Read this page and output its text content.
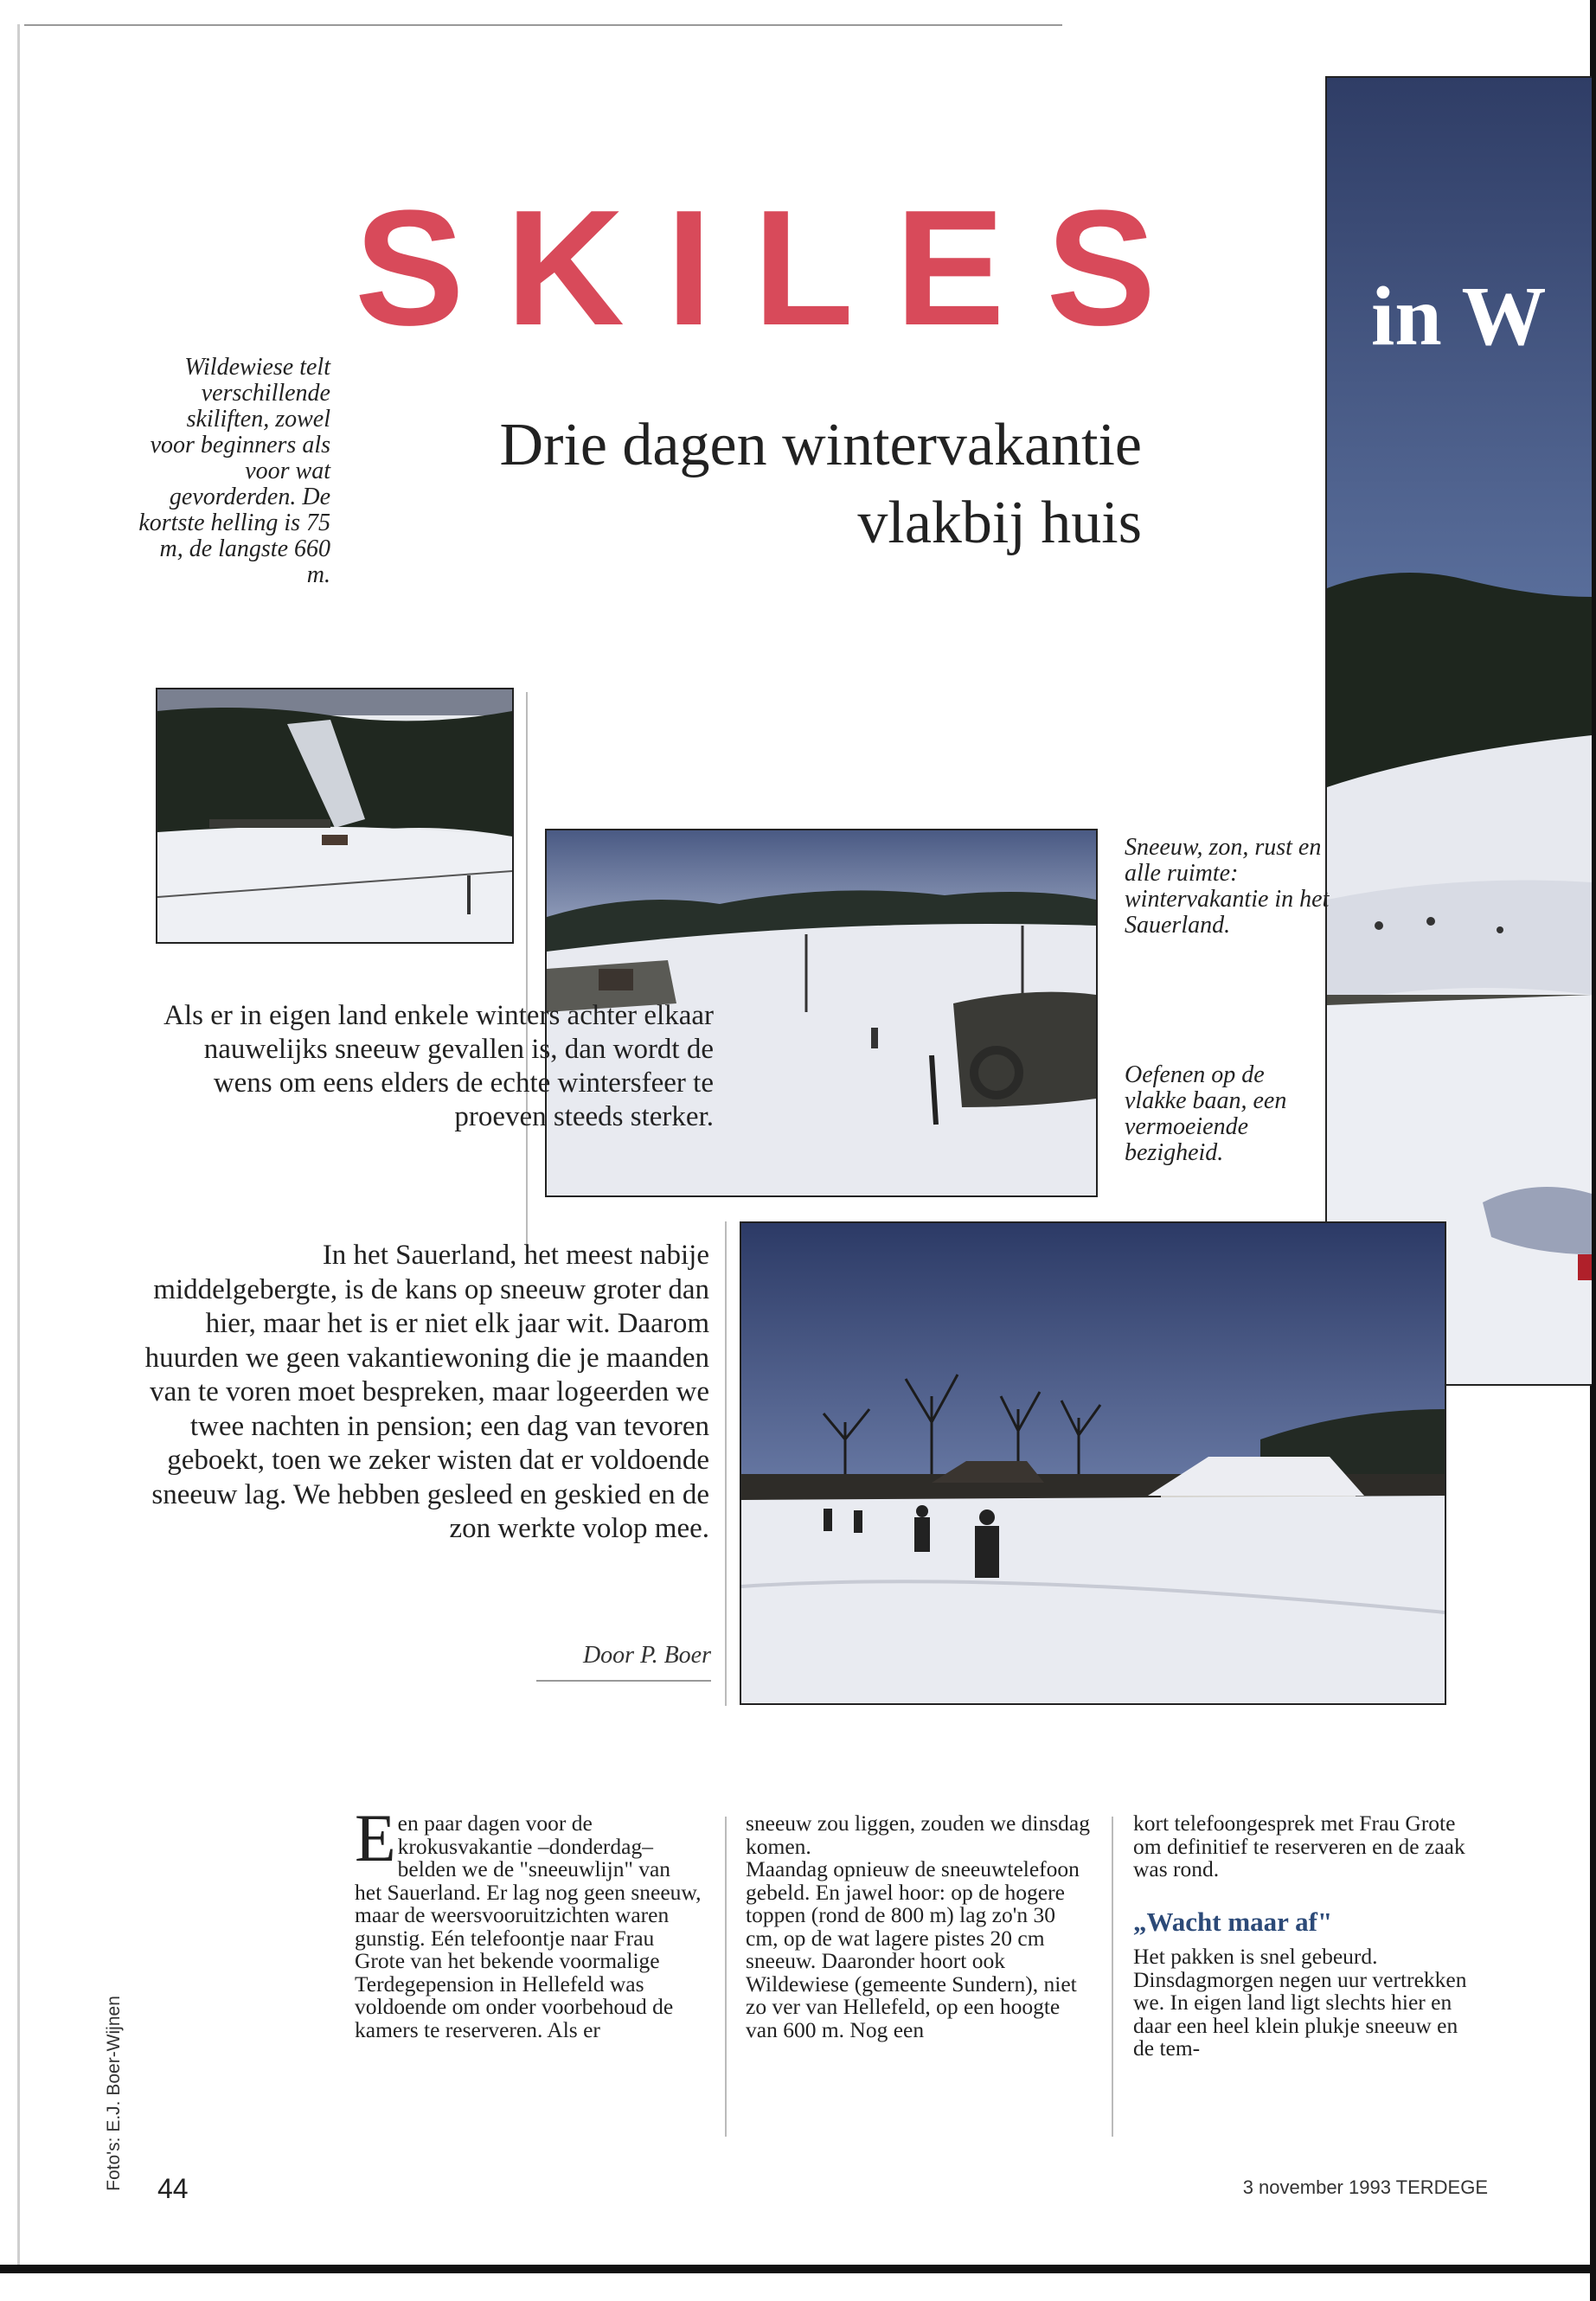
in W
SKILES
Drie dagen wintervakantie
vlakbij huis
Wildewiese telt verschillende skiliften, zowel voor beginners als voor wat gevorderden. De kortste helling is 75 m, de langste 660 m.
Sneeuw, zon, rust en alle ruimte: wintervakantie in het Sauerland.
Oefenen op de vlakke baan, een vermoeiende bezigheid.
Als er in eigen land enkele winters achter elkaar nauwelijks sneeuw gevallen is, dan wordt de wens om eens elders de echte wintersfeer te proeven steeds sterker.
In het Sauerland, het meest nabije middelgebergte, is de kans op sneeuw groter dan hier, maar het is er niet elk jaar wit. Daarom huurden we geen vakantiewoning die je maanden van te voren moet bespreken, maar logeerden we twee nachten in pension; een dag van tevoren geboekt, toen we zeker wisten dat er voldoende sneeuw lag. We hebben gesleed en geskied en de zon werkte volop mee.
Door P. Boer
Een paar dagen voor de krokusvakantie –donderdag– belden we de "sneeuwlijn" van het Sauerland. Er lag nog geen sneeuw, maar de weersvooruitzichten waren gunstig. Eén telefoontje naar Frau Grote van het bekende voormalige Terdegepension in Hellefeld was voldoende om onder voorbehoud de kamers te reserveren. Als er
sneeuw zou liggen, zouden we dinsdag komen.
Maandag opnieuw de sneeuwtelefoon gebeld. En jawel hoor: op de hogere toppen (rond de 800 m) lag zo'n 30 cm, op de wat lagere pistes 20 cm sneeuw. Daaronder hoort ook Wildewiese (gemeente Sundern), niet zo ver van Hellefeld, op een hoogte van 600 m. Nog een
kort telefoongesprek met Frau Grote om definitief te reserveren en de zaak was rond.
„Wacht maar af"
Het pakken is snel gebeurd. Dinsdagmorgen negen uur vertrekken we. In eigen land ligt slechts hier en daar een heel klein plukje sneeuw en de tem-
Foto's: E.J. Boer-Wijnen 44	3 november 1993 TERDEGE
